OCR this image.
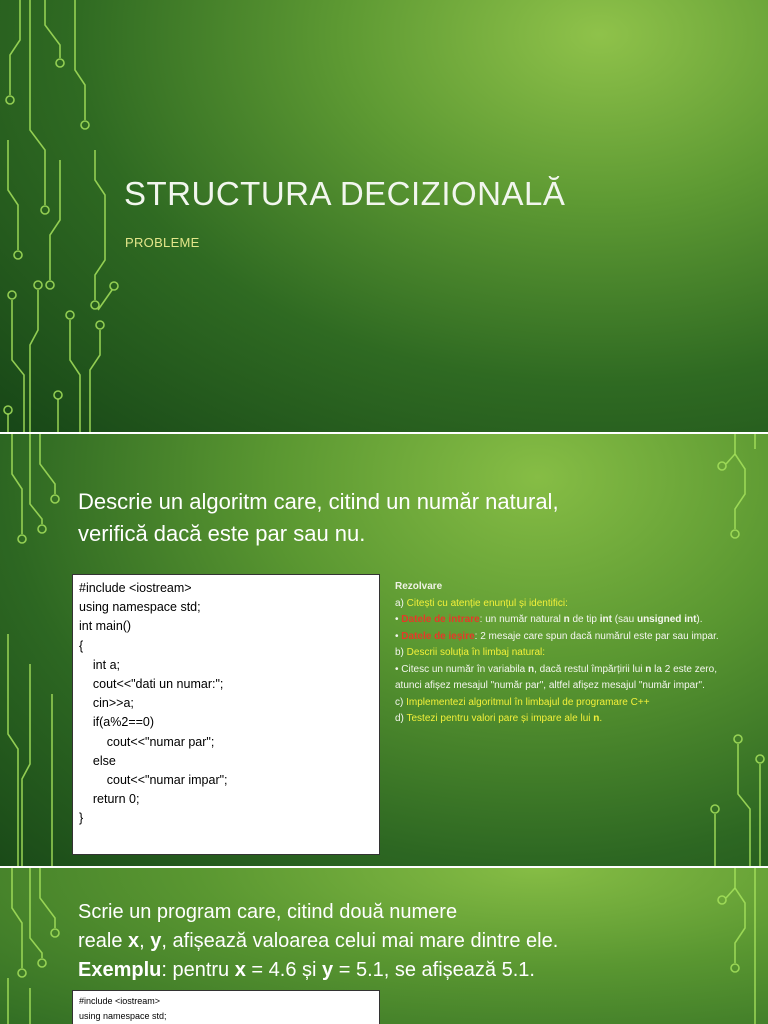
STRUCTURA DECIZIONALĂ
PROBLEME
Descrie un algoritm care, citind un număr natural,
verifică dacă este par sau nu.
#include <iostream>
using namespace std;
int main()
{
int a;
cout<<"dati un numar:";
cin>>a;
if(a%2==0)
cout<<"numar par";
else
cout<<"numar impar";
return 0;
}
Rezolvare
a) Citești cu atenție enunțul și identifici:
• Datele de intrare: un număr natural n de tip int (sau unsigned int).
• Datele de ieșire: 2 mesaje care spun dacă numărul este par sau impar.
b) Descrii soluția în limbaj natural:
• Citesc un număr în variabila n, dacă restul împărțirii lui n la 2 este zero, atunci afișez mesajul "număr par", altfel afișez mesajul "număr impar".
c) Implementezi algoritmul în limbajul de programare C++
d) Testezi pentru valori pare și impare ale lui n.
Scrie un program care, citind două numere
reale x, y, afișează valoarea celui mai mare dintre ele.
Exemplu: pentru x = 4.6 și y = 5.1, se afișează 5.1.
#include <iostream>
using namespace std;
